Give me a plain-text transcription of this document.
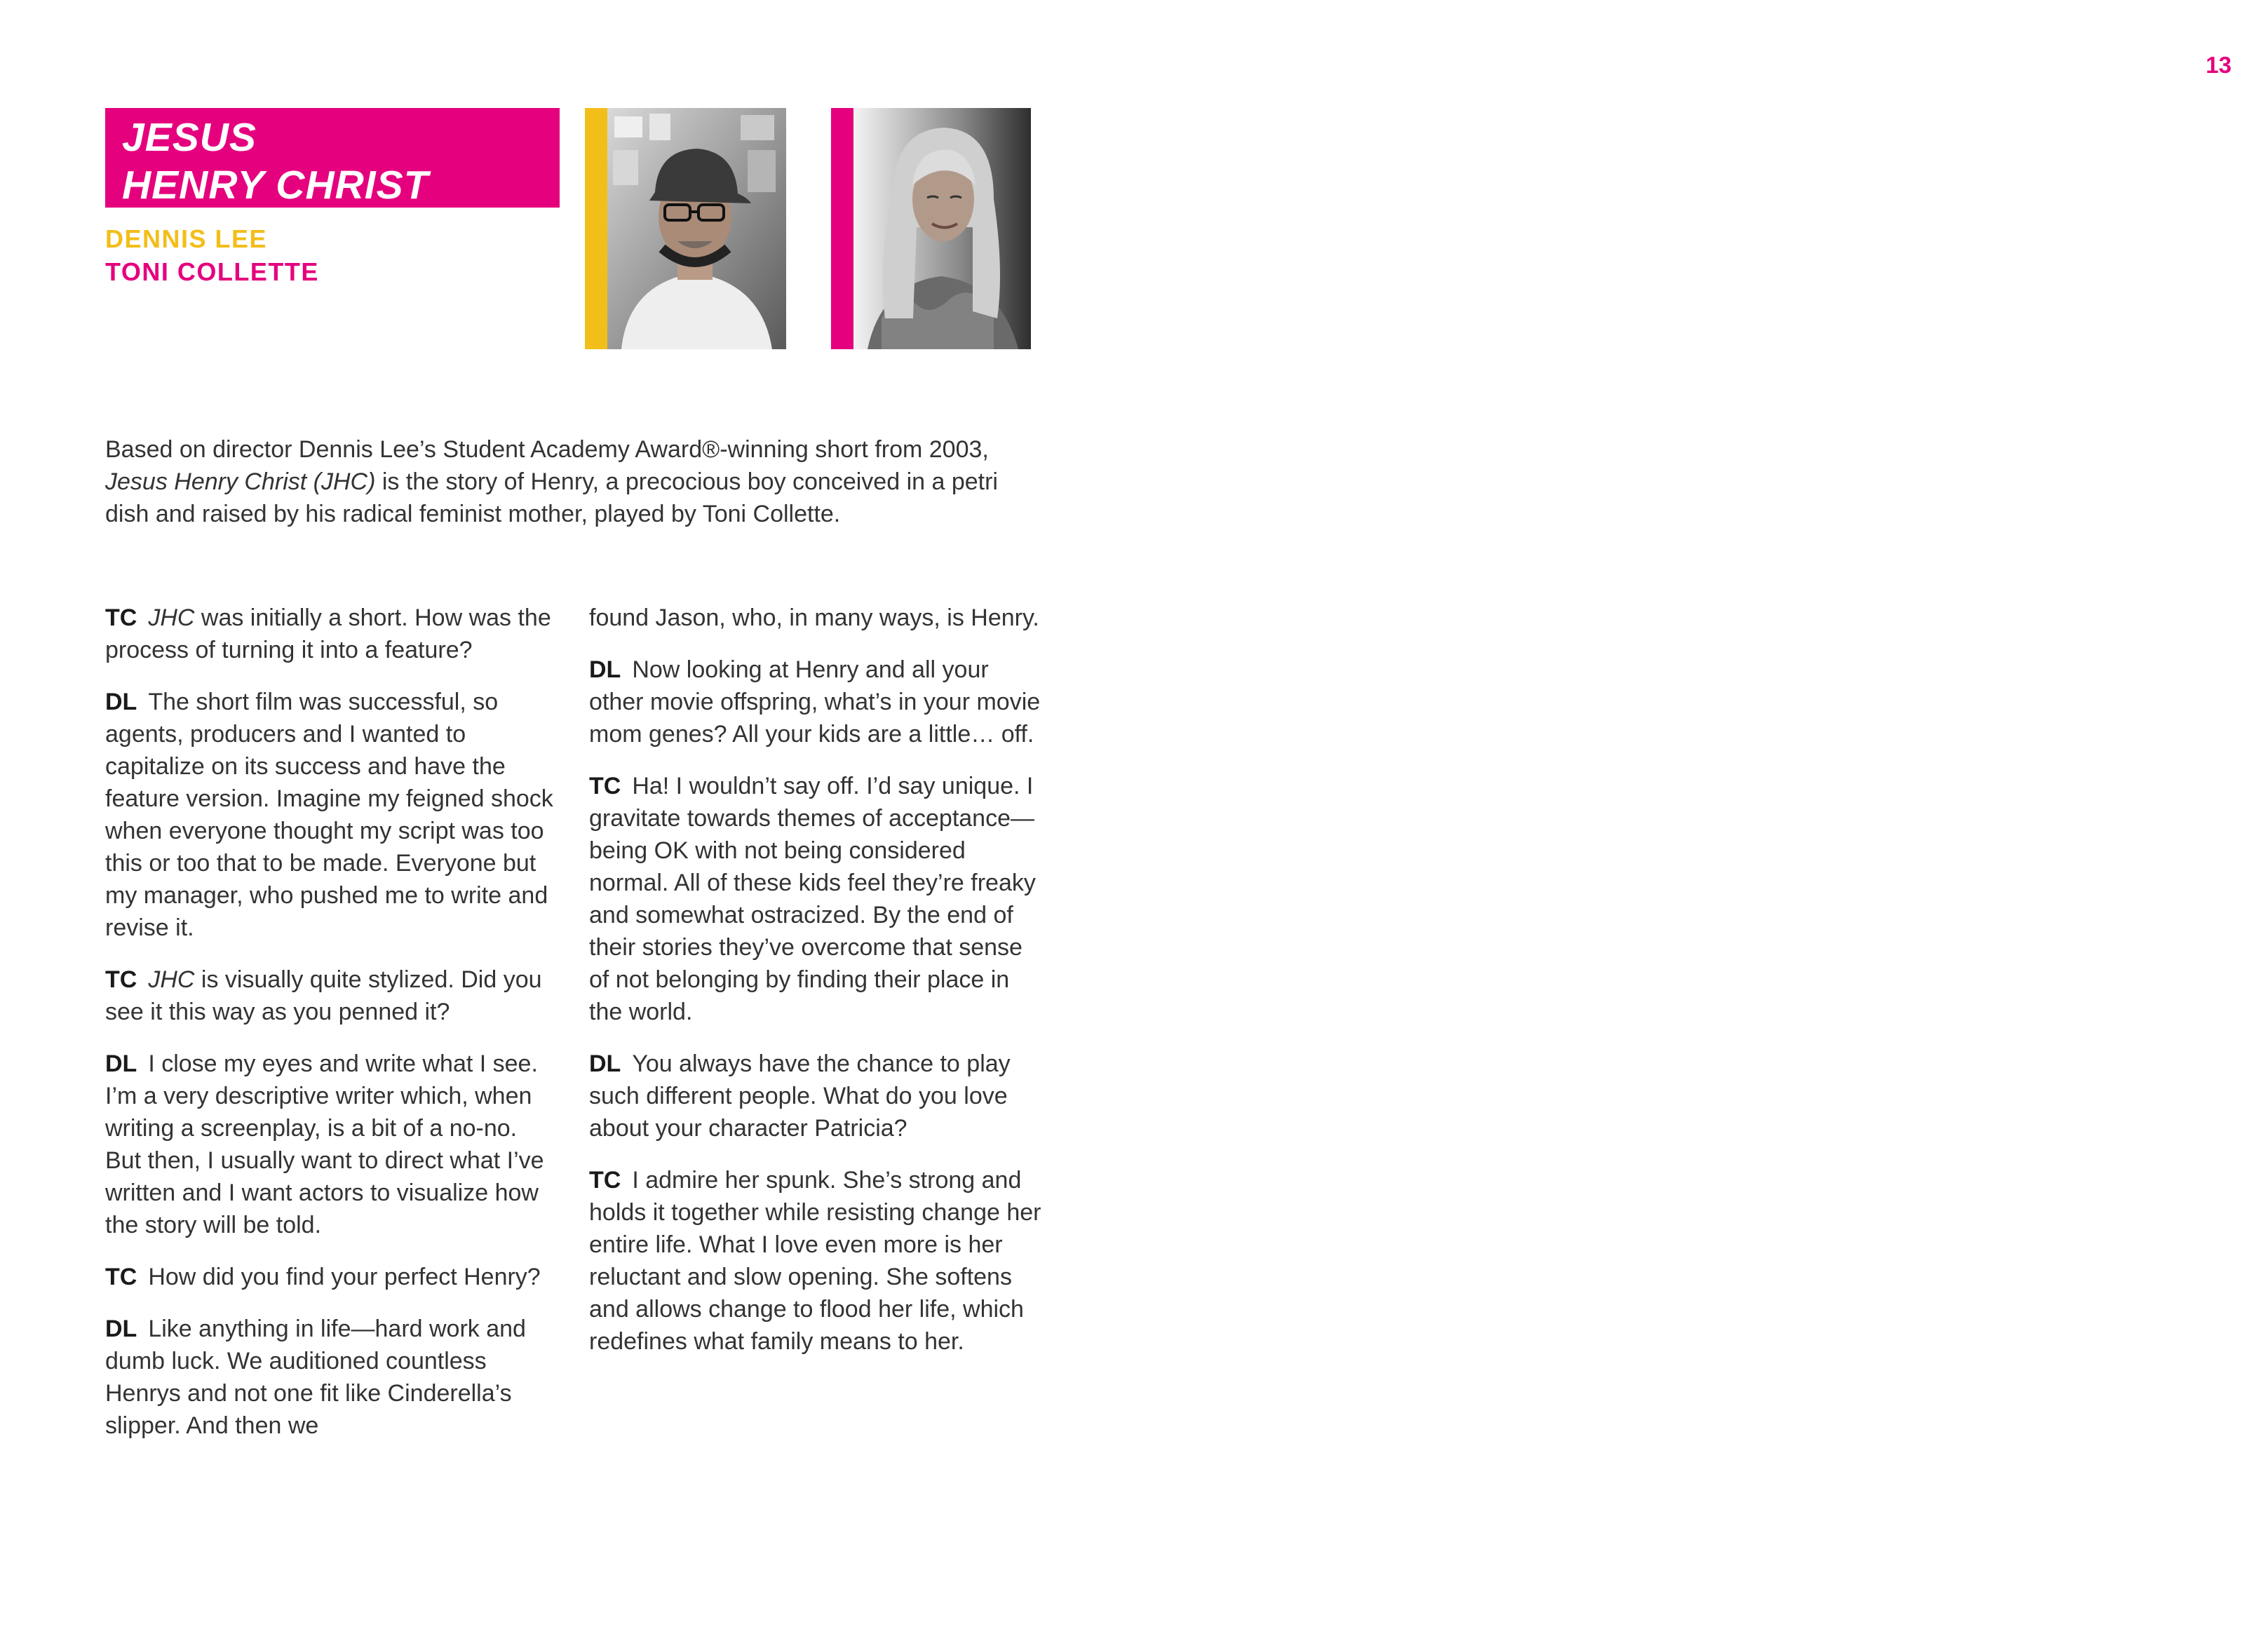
13
JESUS
HENRY CHRIST
DENNIS LEE
TONI COLLETTE

Based on director Dennis Lee’s Student Academy Award®-winning short from 2003, Jesus Henry Christ (JHC) is the story of Henry, a precocious boy conceived in a petri dish and raised by his radical feminist mother, played by Toni Collette.

TC JHC was initially a short. How was the process of turning it into a feature?

DL The short film was successful, so agents, producers and I wanted to capitalize on its success and have the feature version. Imagine my feigned shock when everyone thought my script was too this or too that to be made. Everyone but my manager, who pushed me to write and revise it.

TC JHC is visually quite stylized. Did you see it this way as you penned it?

DL I close my eyes and write what I see. I’m a very descriptive writer which, when writing a screenplay, is a bit of a no-no. But then, I usually want to direct what I’ve written and I want actors to visualize how the story will be told.

TC How did you find your perfect Henry?

DL Like anything in life—hard work and dumb luck. We auditioned countless Henrys and not one fit like Cinderella’s slipper. And then we

found Jason, who, in many ways, is Henry.

DL Now looking at Henry and all your other movie offspring, what’s in your movie mom genes? All your kids are a little… off.

TC Ha! I wouldn’t say off. I’d say unique. I gravitate towards themes of acceptance—being OK with not being considered normal. All of these kids feel they’re freaky and somewhat ostracized. By the end of their stories they’ve overcome that sense of not belonging by finding their place in the world.

DL You always have the chance to play such different people. What do you love about your character Patricia?

TC I admire her spunk. She’s strong and holds it together while resisting change her entire life. What I love even more is her reluctant and slow opening. She softens and allows change to flood her life, which redefines what family means to her.
